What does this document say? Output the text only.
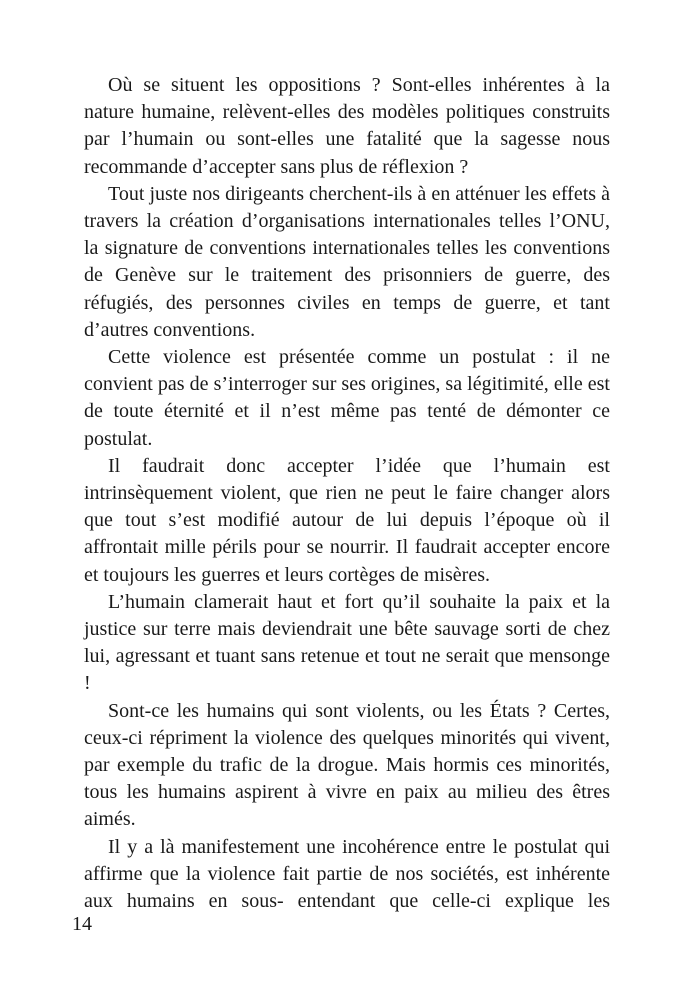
Où se situent les oppositions ? Sont-elles inhérentes à la nature humaine, relèvent-elles des modèles politiques construits par l’humain ou sont-elles une fatalité que la sagesse nous recommande d’accepter sans plus de réflexion ?

Tout juste nos dirigeants cherchent-ils à en atténuer les effets à travers la création d’organisations internationales telles l’ONU, la signature de conventions internationales telles les conventions de Genève sur le traitement des prisonniers de guerre, des réfugiés, des personnes civiles en temps de guerre, et tant d’autres conventions.

Cette violence est présentée comme un postulat : il ne convient pas de s’interroger sur ses origines, sa légitimité, elle est de toute éternité et il n’est même pas tenté de démonter ce postulat.

Il faudrait donc accepter l’idée que l’humain est intrinsèquement violent, que rien ne peut le faire changer alors que tout s’est modifié autour de lui depuis l’époque où il affrontait mille périls pour se nourrir. Il faudrait accepter encore et toujours les guerres et leurs cortèges de misères.

L’humain clamerait haut et fort qu’il souhaite la paix et la justice sur terre mais deviendrait une bête sauvage sorti de chez lui, agressant et tuant sans retenue et tout ne serait que mensonge !

Sont-ce les humains qui sont violents, ou les États ? Certes, ceux-ci répriment la violence des quelques minorités qui vivent, par exemple du trafic de la drogue. Mais hormis ces minorités, tous les humains aspirent à vivre en paix au milieu des êtres aimés.

Il y a là manifestement une incohérence entre le postulat qui affirme que la violence fait partie de nos sociétés, est inhérente aux humains en sous- entendant que celle-ci explique les

14
